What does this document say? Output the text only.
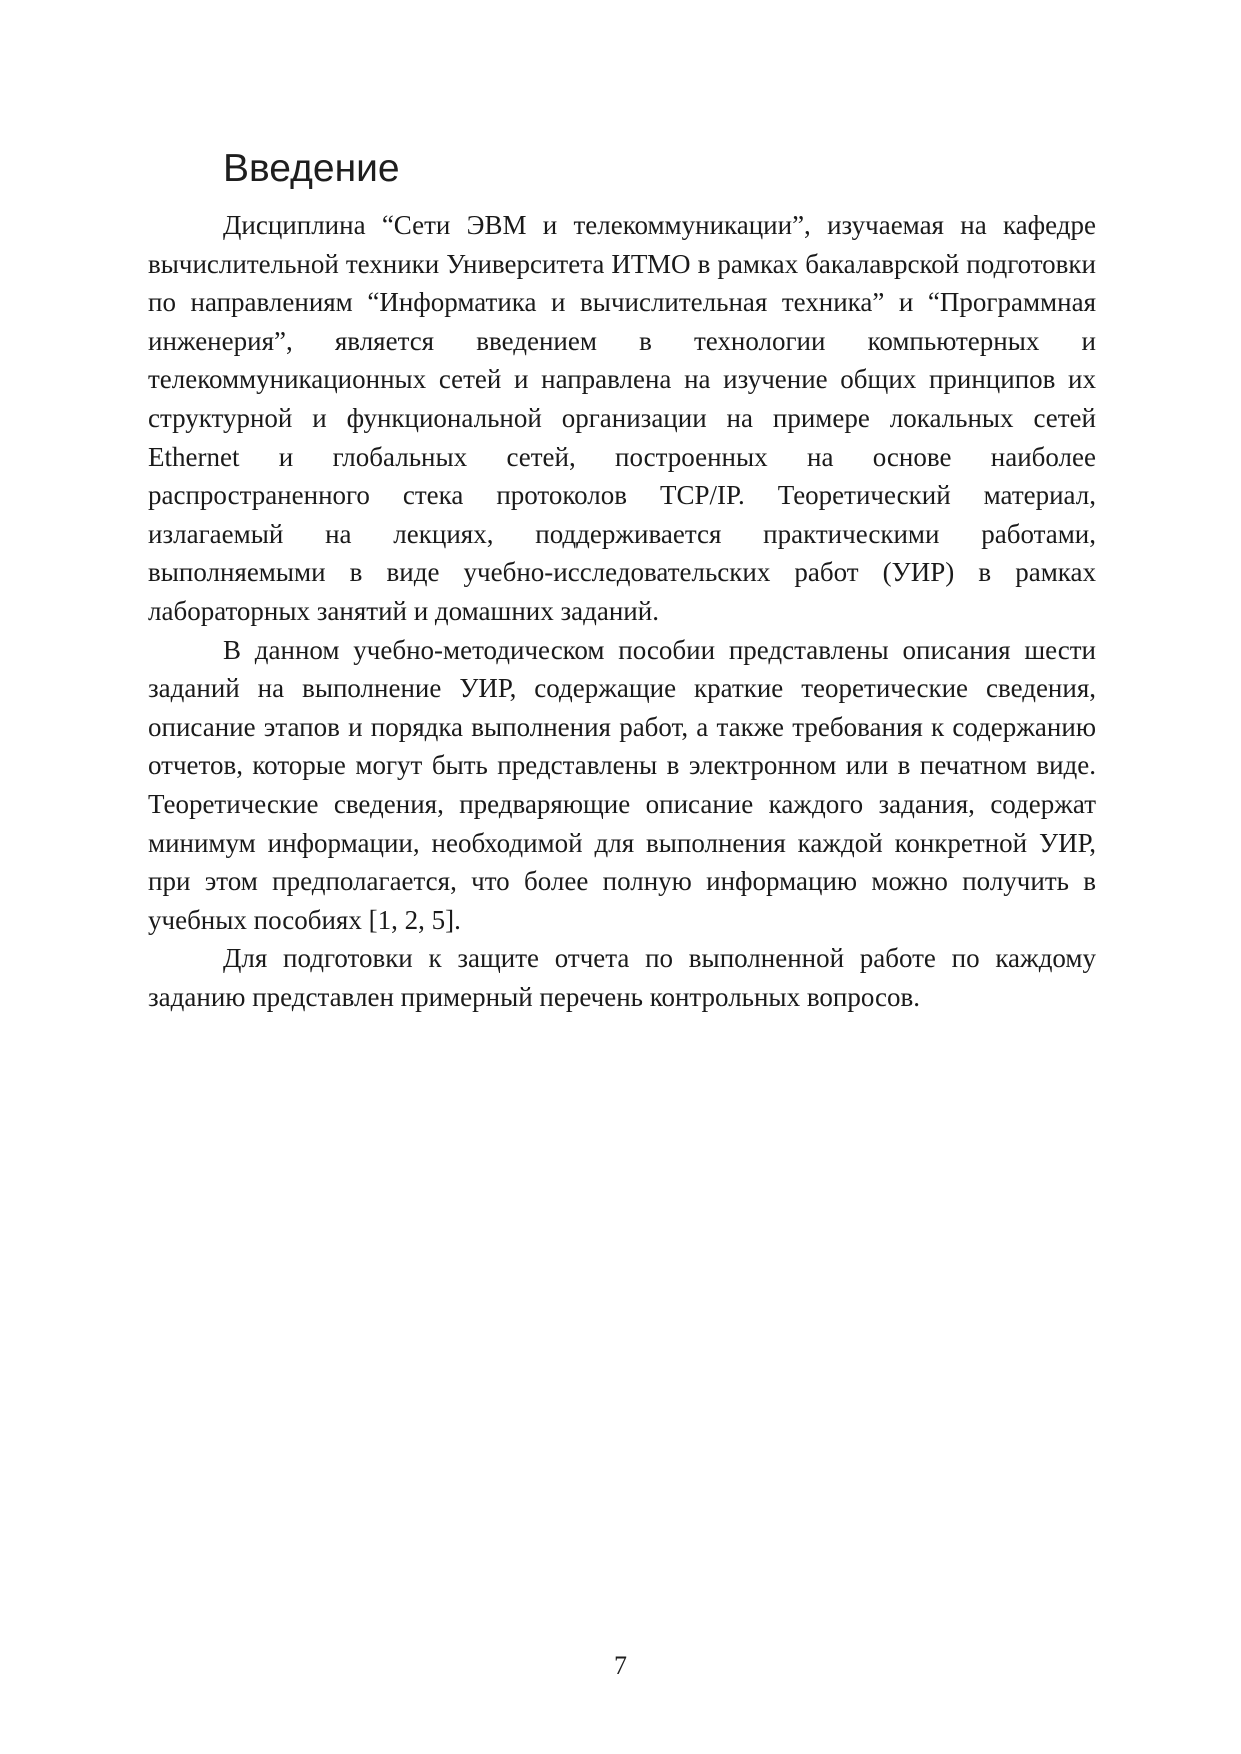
Введение

Дисциплина “Сети ЭВМ и телекоммуникации”, изучаемая на кафедре вычислительной техники Университета ИТМО в рамках бакалаврской подготовки по направлениям “Информатика и вычислительная техника” и “Программная инженерия”, является введением в технологии компьютерных и телекоммуникационных сетей и направлена на изучение общих принципов их структурной и функциональной организации на примере локальных сетей Ethernet и глобальных сетей, построенных на основе наиболее распространенного стека протоколов TCP/IP. Теоретический материал, излагаемый на лекциях, поддерживается практическими работами, выполняемыми в виде учебно-исследовательских работ (УИР) в рамках лабораторных занятий и домашних заданий.

В данном учебно-методическом пособии представлены описания шести заданий на выполнение УИР, содержащие краткие теоретические сведения, описание этапов и порядка выполнения работ, а также требования к содержанию отчетов, которые могут быть представлены в электронном или в печатном виде. Теоретические сведения, предваряющие описание каждого задания, содержат минимум информации, необходимой для выполнения каждой конкретной УИР, при этом предполагается, что более полную информацию можно получить в учебных пособиях [1, 2, 5].

Для подготовки к защите отчета по выполненной работе по каждому заданию представлен примерный перечень контрольных вопросов.

7
